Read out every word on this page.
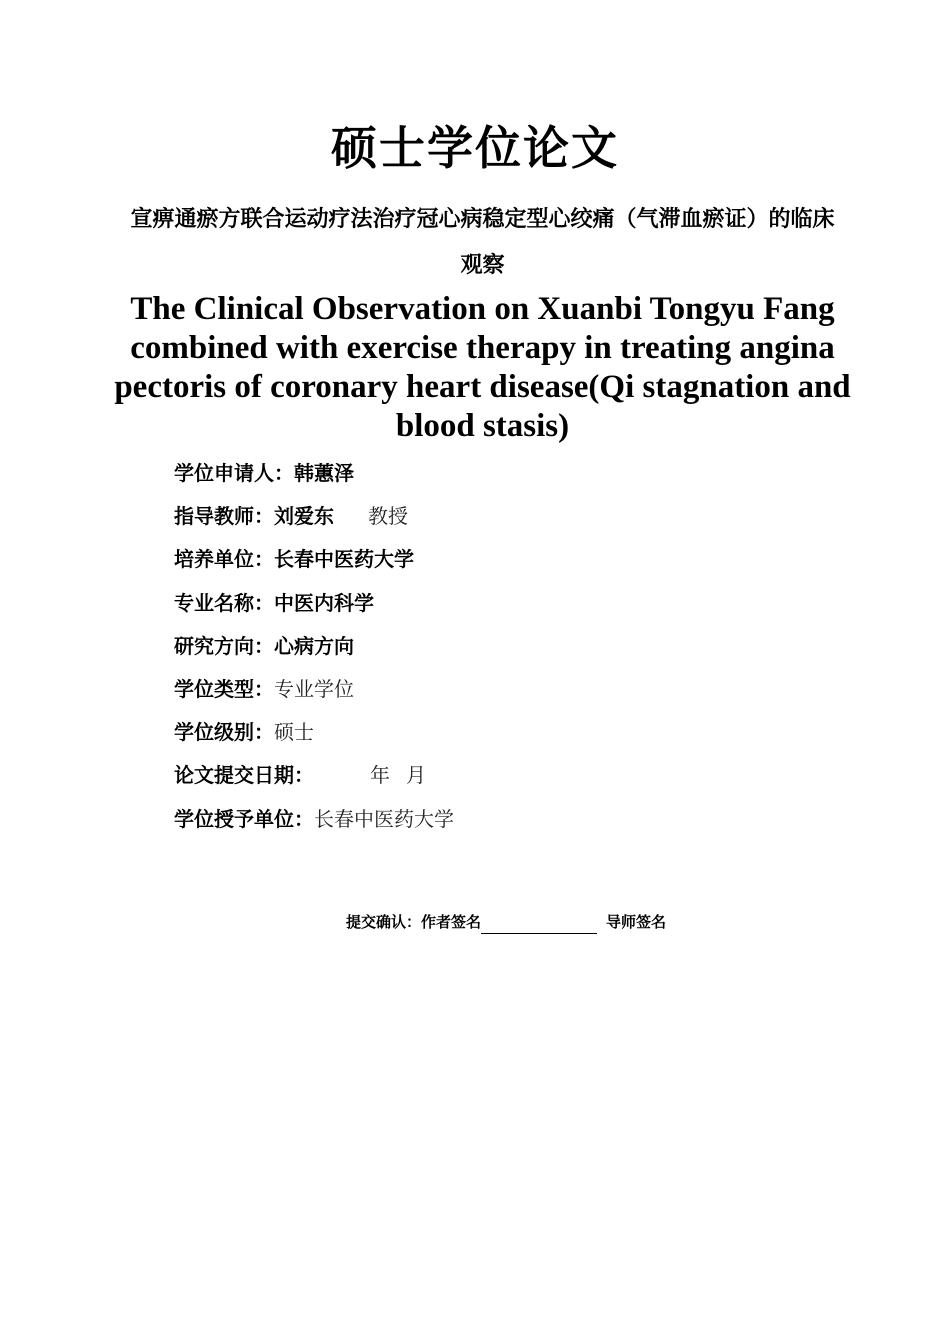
硕士学位论文

宣痹通瘀方联合运动疗法治疗冠心病稳定型心绞痛（气滞血瘀证）的临床观察

The Clinical Observation on Xuanbi Tongyu Fang combined with exercise therapy in treating angina pectoris of coronary heart disease(Qi stagnation and blood stasis)

学位申请人：韩蕙泽
指导教师：刘爱东 教授
培养单位：长春中医药大学
专业名称：中医内科学
研究方向：心病方向
学位类型：专业学位
学位级别：硕士
论文提交日期：	年 月
学位授予单位：长春中医药大学
提交确认：作者签名	导师签名
